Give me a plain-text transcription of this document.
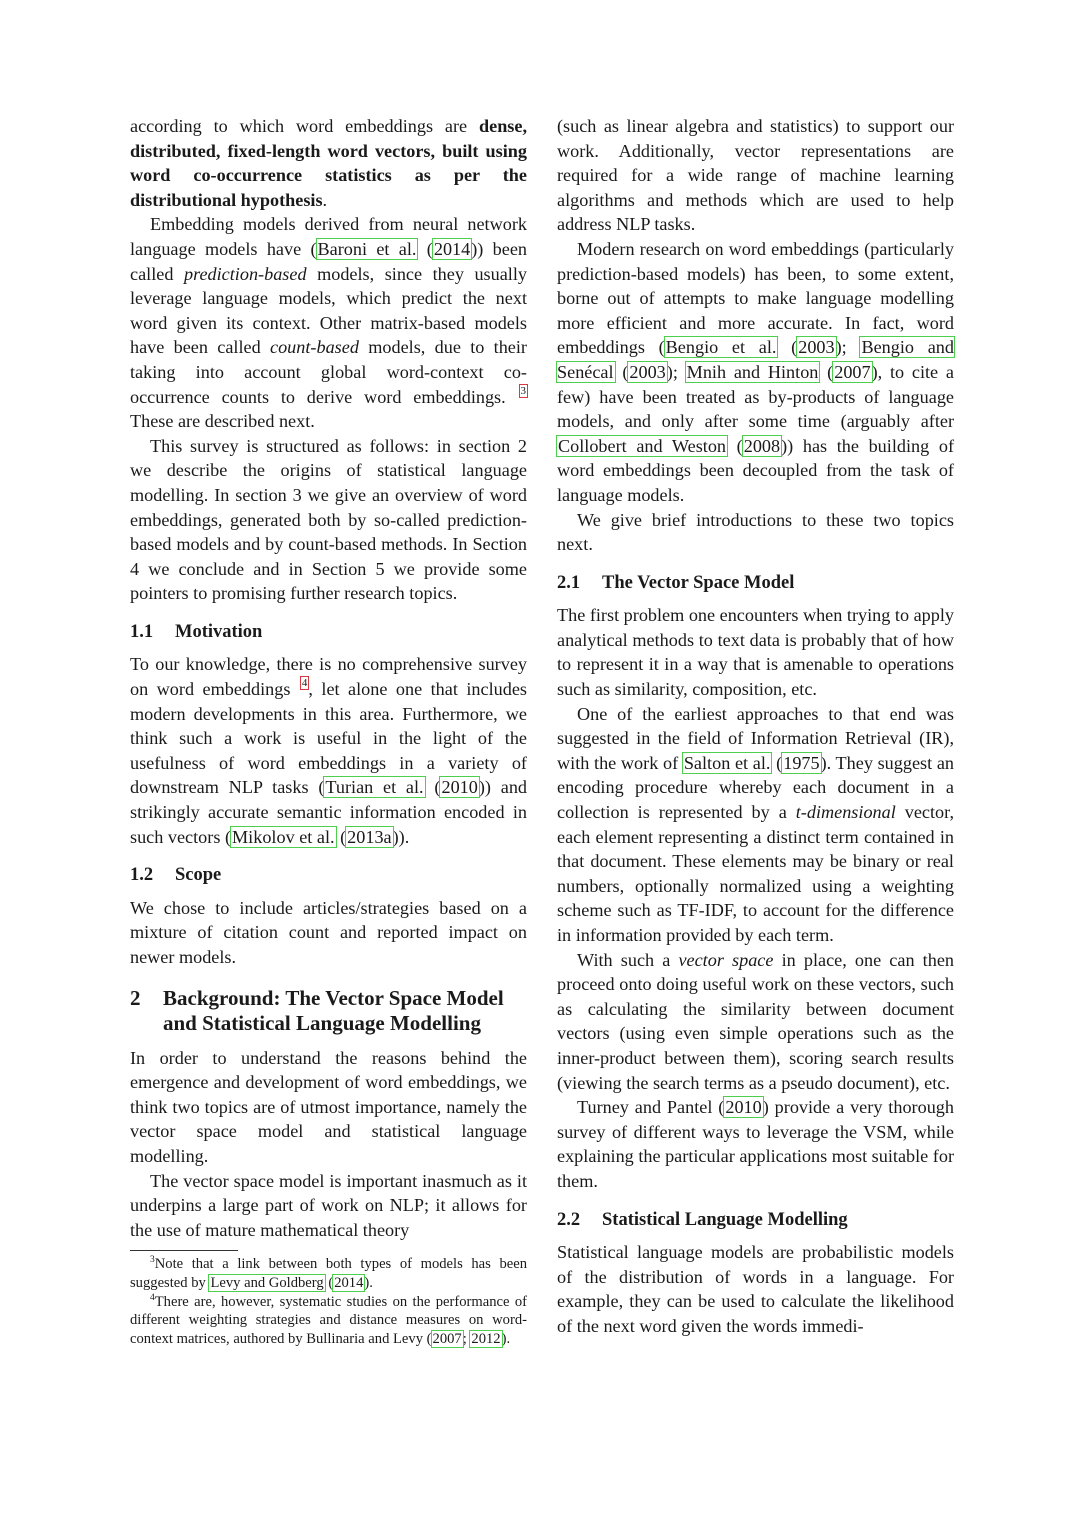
according to which word embeddings are dense, distributed, fixed-length word vectors, built using word co-occurrence statistics as per the distributional hypothesis.

Embedding models derived from neural network language models have (Baroni et al. (2014)) been called prediction-based models, since they usually leverage language models, which predict the next word given its context. Other matrix-based models have been called count-based models, due to their taking into account global word-context co-occurrence counts to derive word embeddings. $^3$ These are described next.

This survey is structured as follows: in section 2 we describe the origins of statistical language modelling. In section 3 we give an overview of word embeddings, generated both by so-called prediction-based models and by count-based methods. In Section 4 we conclude and in Section 5 we provide some pointers to promising further research topics.

1.1 Motivation

To our knowledge, there is no comprehensive survey on word embeddings $^4$, let alone one that includes modern developments in this area. Furthermore, we think such a work is useful in the light of the usefulness of word embeddings in a variety of downstream NLP tasks (Turian et al. (2010)) and strikingly accurate semantic information encoded in such vectors (Mikolov et al. (2013a)).

1.2 Scope

We chose to include articles/strategies based on a mixture of citation count and reported impact on newer models.

2	Background: The Vector Space Model and Statistical Language Modelling

In order to understand the reasons behind the emergence and development of word embeddings, we think two topics are of utmost importance, namely the vector space model and statistical language modelling.

The vector space model is important inasmuch as it underpins a large part of work on NLP; it allows for the use of mature mathematical theory

$^3$Note that a link between both types of models has been suggested by Levy and Goldberg (2014).

$^4$There are, however, systematic studies on the performance of different weighting strategies and distance measures on word-context matrices, authored by Bullinaria and Levy (2007; 2012).

(such as linear algebra and statistics) to support our work. Additionally, vector representations are required for a wide range of machine learning algorithms and methods which are used to help address NLP tasks.

Modern research on word embeddings (particularly prediction-based models) has been, to some extent, borne out of attempts to make language modelling more efficient and more accurate. In fact, word embeddings (Bengio et al. (2003); Bengio and Senécal (2003); Mnih and Hinton (2007), to cite a few) have been treated as by-products of language models, and only after some time (arguably after Collobert and Weston (2008)) has the building of word embeddings been decoupled from the task of language models.

We give brief introductions to these two topics next.

2.1 The Vector Space Model

The first problem one encounters when trying to apply analytical methods to text data is probably that of how to represent it in a way that is amenable to operations such as similarity, composition, etc.

One of the earliest approaches to that end was suggested in the field of Information Retrieval (IR), with the work of Salton et al. (1975). They suggest an encoding procedure whereby each document in a collection is represented by a t-dimensional vector, each element representing a distinct term contained in that document. These elements may be binary or real numbers, optionally normalized using a weighting scheme such as TF-IDF, to account for the difference in information provided by each term.

With such a vector space in place, one can then proceed onto doing useful work on these vectors, such as calculating the similarity between document vectors (using even simple operations such as the inner-product between them), scoring search results (viewing the search terms as a pseudo document), etc.

Turney and Pantel (2010) provide a very thorough survey of different ways to leverage the VSM, while explaining the particular applications most suitable for them.

2.2 Statistical Language Modelling

Statistical language models are probabilistic models of the distribution of words in a language. For example, they can be used to calculate the likelihood of the next word given the words immedi-
